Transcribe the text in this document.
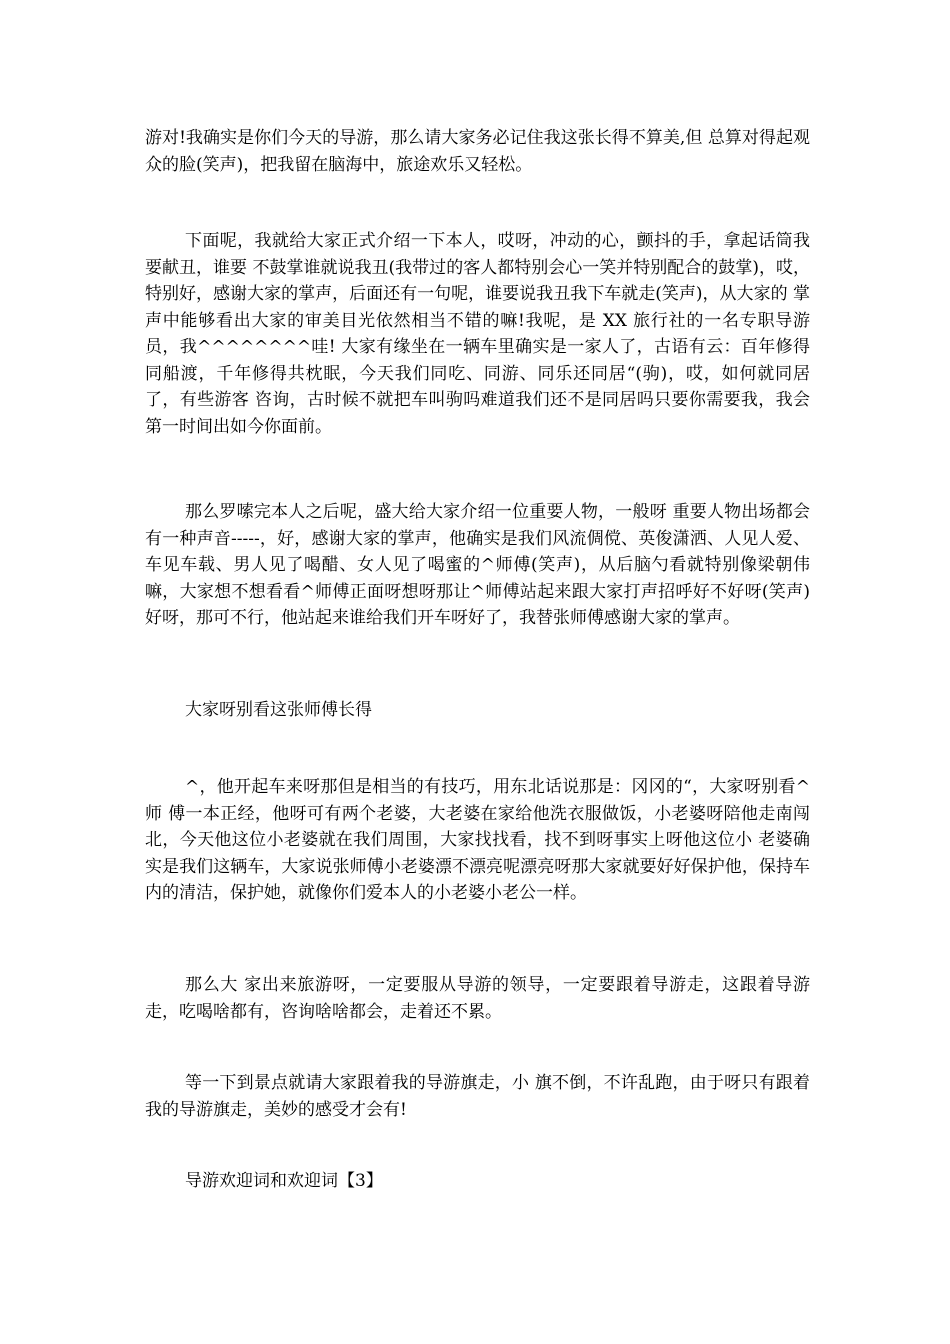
游对!我确实是你们今天的导游，那么请大家务必记住我这张长得不算美,但 总算对得起观众的脸(笑声)，把我留在脑海中，旅途欢乐又轻松。

下面呢，我就给大家正式介绍一下本人，哎呀，冲动的心，颤抖的手，拿起话筒我要献丑，谁要 不鼓掌谁就说我丑(我带过的客人都特别会心一笑并特别配合的鼓掌)，哎，特别好，感谢大家的掌声，后面还有一句呢，谁要说我丑我下车就走(笑声)，从大家的 掌声中能够看出大家的审美目光依然相当不错的嘛!我呢，是 XX 旅行社的一名专职导游员，我^^^^^^^^哇! 大家有缘坐在一辆车里确实是一家人了，古语有云：百年修得同船渡，千年修得共枕眠，今天我们同吃、同游、同乐还同居“(驹)，哎，如何就同居了，有些游客 咨询，古时候不就把车叫驹吗难道我们还不是同居吗只要你需要我，我会第一时间出如今你面前。

那么罗嗦完本人之后呢，盛大给大家介绍一位重要人物，一般呀 重要人物出场都会有一种声音-----，好，感谢大家的掌声，他确实是我们风流倜傥、英俊潇洒、人见人爱、车见车载、男人见了喝醋、女人见了喝蜜的^师傅(笑声)，从后脑勺看就特别像梁朝伟嘛，大家想不想看看^师傅正面呀想呀那让^师傅站起来跟大家打声招呼好不好呀(笑声)好呀，那可不行，他站起来谁给我们开车呀好了，我替张师傅感谢大家的掌声。

大家呀别看这张师傅长得

^，他开起车来呀那但是相当的有技巧，用东北话说那是：冈冈的“，大家呀别看^师 傅一本正经，他呀可有两个老婆，大老婆在家给他洗衣服做饭，小老婆呀陪他走南闯北，今天他这位小老婆就在我们周围，大家找找看，找不到呀事实上呀他这位小 老婆确实是我们这辆车，大家说张师傅小老婆漂不漂亮呢漂亮呀那大家就要好好保护他，保持车内的清洁，保护她，就像你们爱本人的小老婆小老公一样。

那么大 家出来旅游呀，一定要服从导游的领导，一定要跟着导游走，这跟着导游走，吃喝啥都有，咨询啥啥都会，走着还不累。

等一下到景点就请大家跟着我的导游旗走，小 旗不倒，不许乱跑，由于呀只有跟着我的导游旗走，美妙的感受才会有!

导游欢迎词和欢迎词【3】
